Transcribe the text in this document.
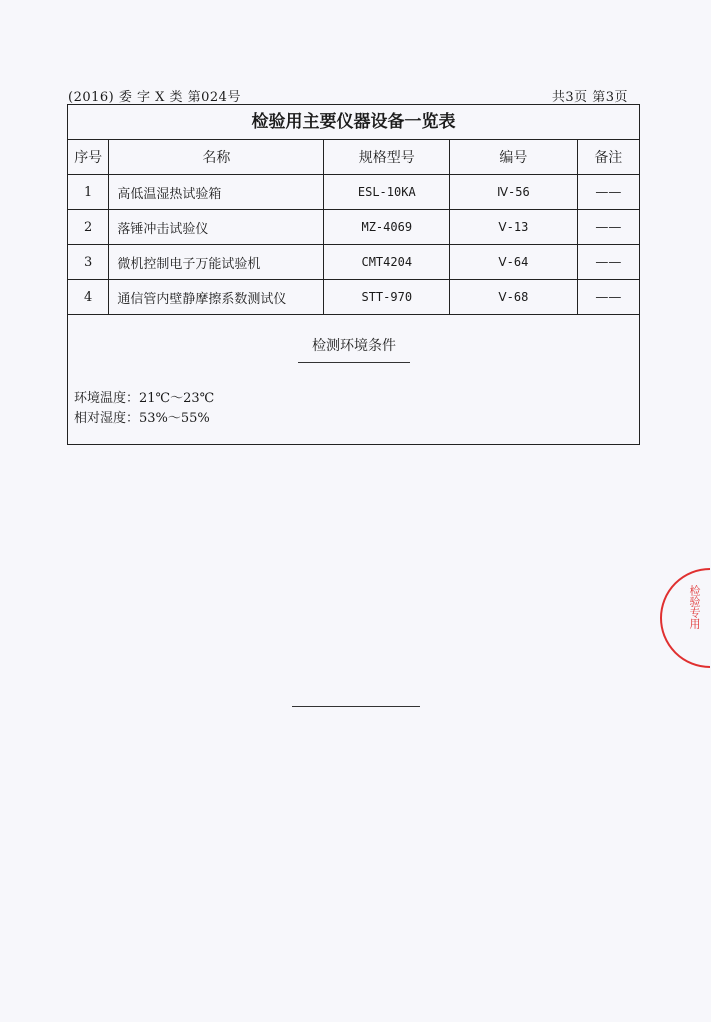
(2016) 委 字 X 类 第024号	共3页 第3页
检验用主要仪器设备一览表
序号	名称	规格型号	编号	备注
1	高低温湿热试验箱	ESL-10KA	Ⅳ-56	——
2	落锤冲击试验仪	MZ-4069	Ⅴ-13	——
3	微机控制电子万能试验机	CMT4204	Ⅴ-64	——
4	通信管内壁静摩擦系数测试仪	STT-970	Ⅴ-68	——
检测环境条件
环境温度：21℃～23℃
相对湿度：53%～55%
检验专用
